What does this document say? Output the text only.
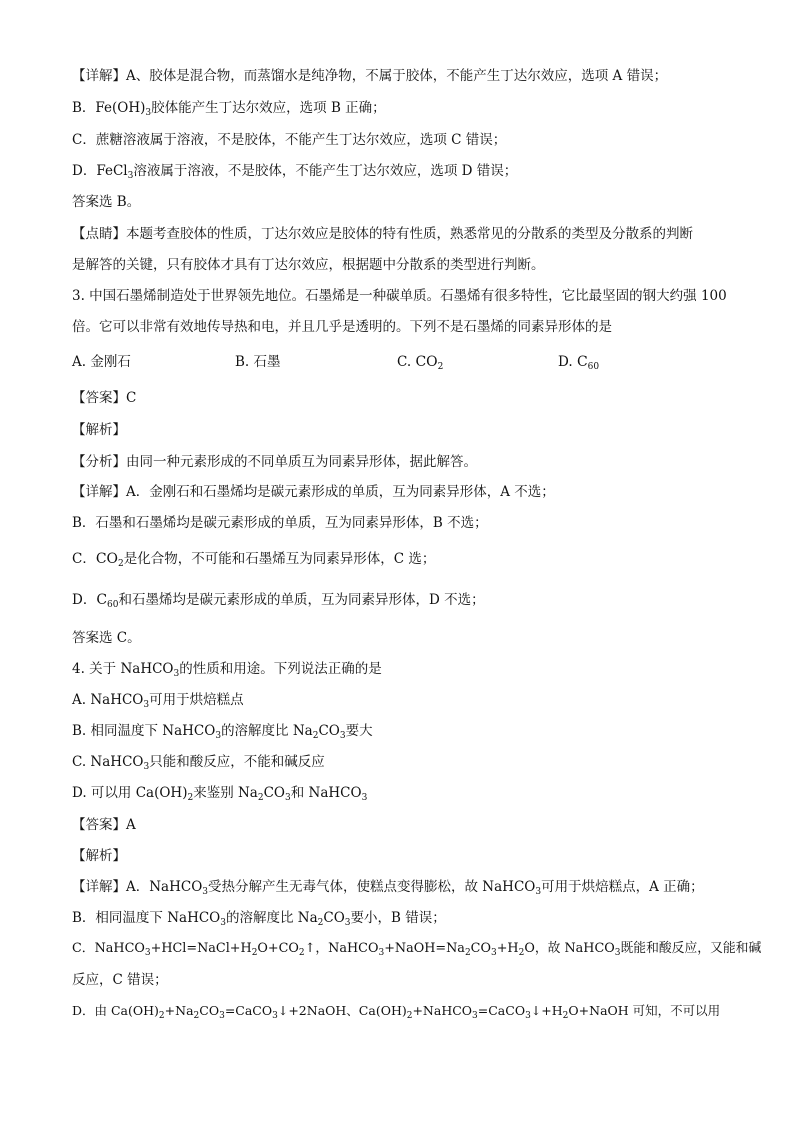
【详解】A、胶体是混合物，而蒸馏水是纯净物，不属于胶体，不能产生丁达尔效应，选项 A 错误；
B．$Fe(OH)_3$胶体能产生丁达尔效应，选项 B 正确；
C．蔗糖溶液属于溶液，不是胶体，不能产生丁达尔效应，选项 C 错误；
D．FeCl$_3$溶液属于溶液，不是胶体，不能产生丁达尔效应，选项 D 错误；
答案选 B。
【点睛】本题考查胶体的性质，丁达尔效应是胶体的特有性质，熟悉常见的分散系的类型及分散系的判断
是解答的关键，只有胶体才具有丁达尔效应，根据题中分散系的类型进行判断。
3. 中国石墨烯制造处于世界领先地位。石墨烯是一种碳单质。石墨烯有很多特性，它比最坚固的钢大约强 100
倍。它可以非常有效地传导热和电，并且几乎是透明的。下列不是石墨烯的同素异形体的是
A. 金刚石	B. 石墨	C. $CO_2$	D. $C_{60}$
【答案】C
【解析】
【分析】由同一种元素形成的不同单质互为同素异形体，据此解答。
【详解】A．金刚石和石墨烯均是碳元素形成的单质，互为同素异形体，A 不选；
B．石墨和石墨烯均是碳元素形成的单质，互为同素异形体，B 不选；
C．$CO_2$是化合物，不可能和石墨烯互为同素异形体，C 选；
D．$C_{60}$和石墨烯均是碳元素形成的单质，互为同素异形体，D 不选；
答案选 C。
4. 关于 NaHCO$_3$的性质和用途。下列说法正确的是
A. NaHCO$_3$可用于烘焙糕点
B. 相同温度下 NaHCO$_3$的溶解度比 $Na_2CO_3$要大
C. NaHCO$_3$只能和酸反应，不能和碱反应
D. 可以用 $Ca(OH)_2$来鉴别 $Na_2CO_3$和 NaHCO$_3$
【答案】A
【解析】
【详解】A．NaHCO$_3$受热分解产生无毒气体，使糕点变得膨松，故 NaHCO$_3$可用于烘焙糕点，A 正确；
B．相同温度下 NaHCO$_3$的溶解度比 $Na_2CO_3$要小，B 错误；
C．$NaHCO_3+HCl=NaCl+H_2O+CO_2↑$，$NaHCO_3+NaOH=Na_2CO_3+H_2O$，故 NaHCO$_3$既能和酸反应，又能和碱
反应，C 错误；
D．由 $Ca(OH)_2+Na_2CO_3=CaCO_3↓+2NaOH$、$Ca(OH)_2+NaHCO_3=CaCO_3↓+H_2O+NaOH$ 可知，不可以用
